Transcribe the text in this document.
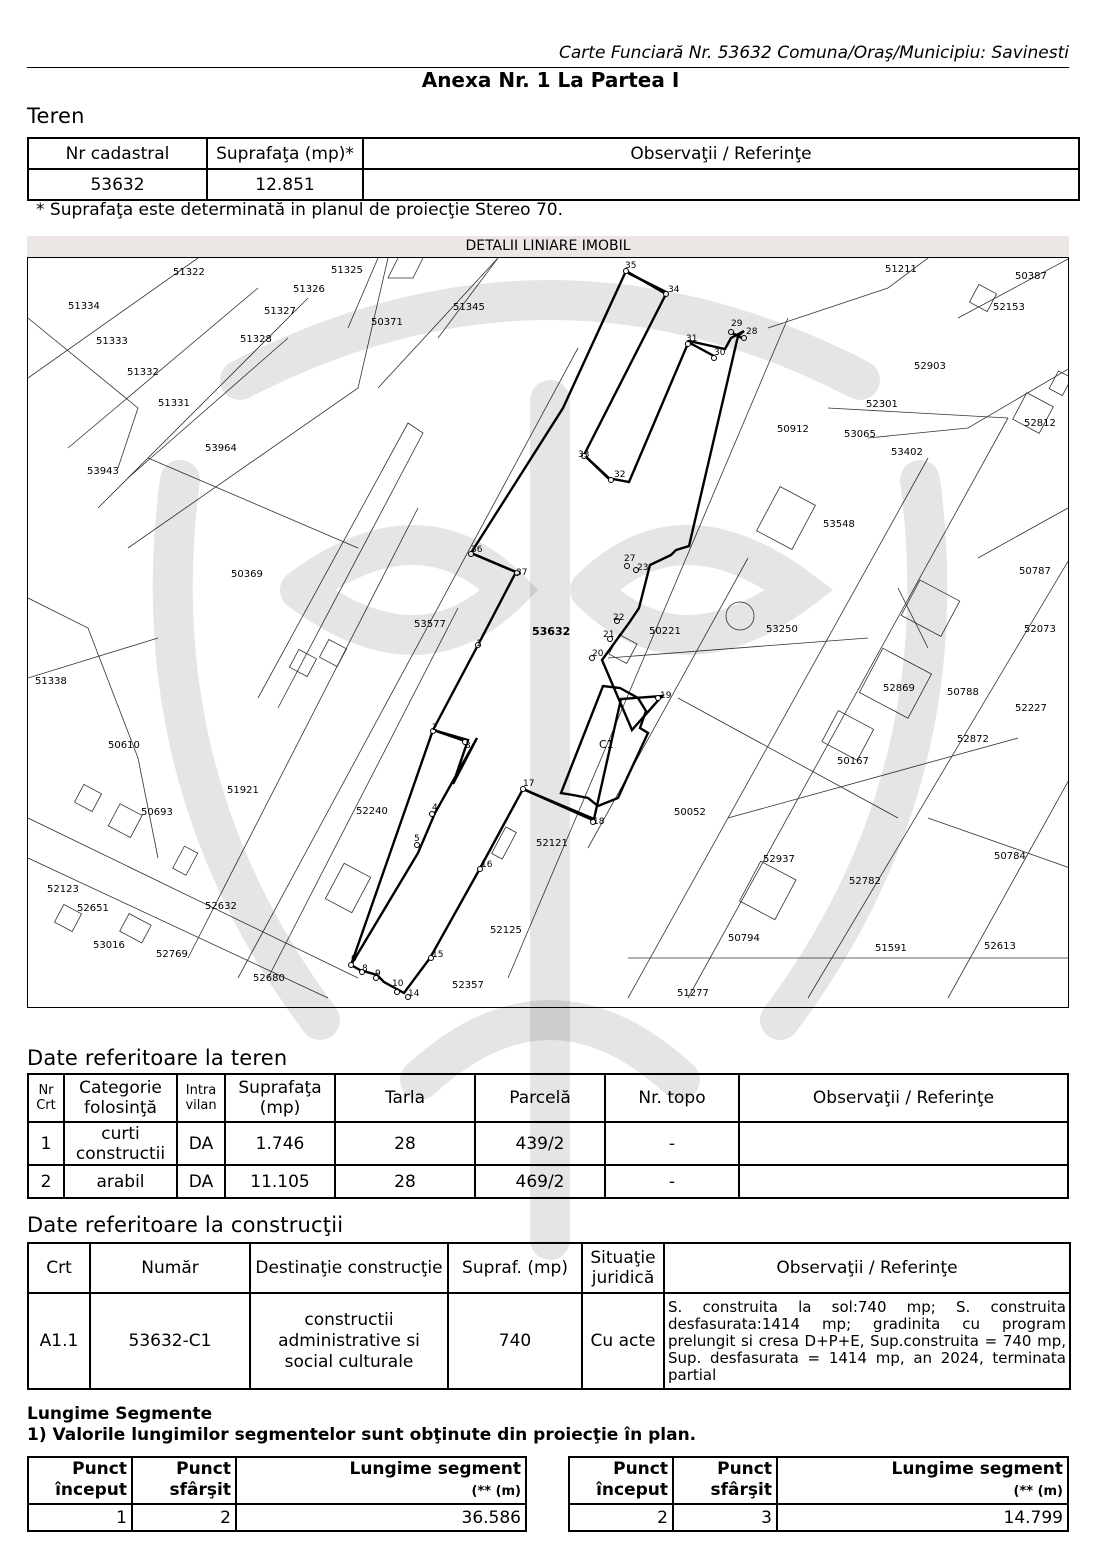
Carte Funciară Nr. 53632 Comuna/Oraş/Municipiu: Savinesti
Anexa Nr. 1 La Partea I
Teren
Nr cadastral	Suprafaţa (mp)*	Observaţii / Referinţe
53632	12.851	
* Suprafaţa este determinată in planul de proiecţie Stereo 70.
DETALII LINIARE IMOBIL
51322	51325
51326
51327
51328
50371
51345
51334
51333
51332
51331
53964
53943
50369
53577
50221	53250
51338
50610
50693
51921
52240
52121
50052
52123
52651
53016
52769
52632
52680
52125
52357
51277
50794
52937
52782
51591	52613
50784
50787
52073
50788
52227
52869
52872
50167
53548
50912	53065
52301
53402
52903
52812
51211
50387
52153
53632
C1
1
2
3
4
5
6
8 9
10
14
15
16
17
18
19
20
21
22
23
27
28
29
30
31
32
33
34
35
36
37
Date referitoare la teren
Nr Crt	Categorie folosinţă	Intra vilan	Suprafaţa (mp)	Tarla	Parcelă	Nr. topo	Observaţii / Referinţe
1	curti constructii	DA	1.746	28	439/2	-	
2	arabil	DA	11.105	28	469/2	-	
Date referitoare la construcţii
Crt	Număr	Destinaţie construcţie	Supraf. (mp)	Situaţie juridică	Observaţii / Referinţe
A1.1	53632-C1	constructii administrative si social culturale	740	Cu acte	S. construita la sol:740 mp; S. construita desfasurata:1414 mp; gradinita cu program prelungit si cresa D+P+E, Sup.construita = 740 mp, Sup. desfasurata = 1414 mp, an 2024, terminata partial
Lungime Segmente
1) Valorile lungimilor segmentelor sunt obţinute din proiecţie în plan.
Punct început	Punct sfârşit	Lungime segment
(** (m)
1	2	36.586
Punct început	Punct sfârşit	Lungime segment
(** (m)
2	3	14.799
